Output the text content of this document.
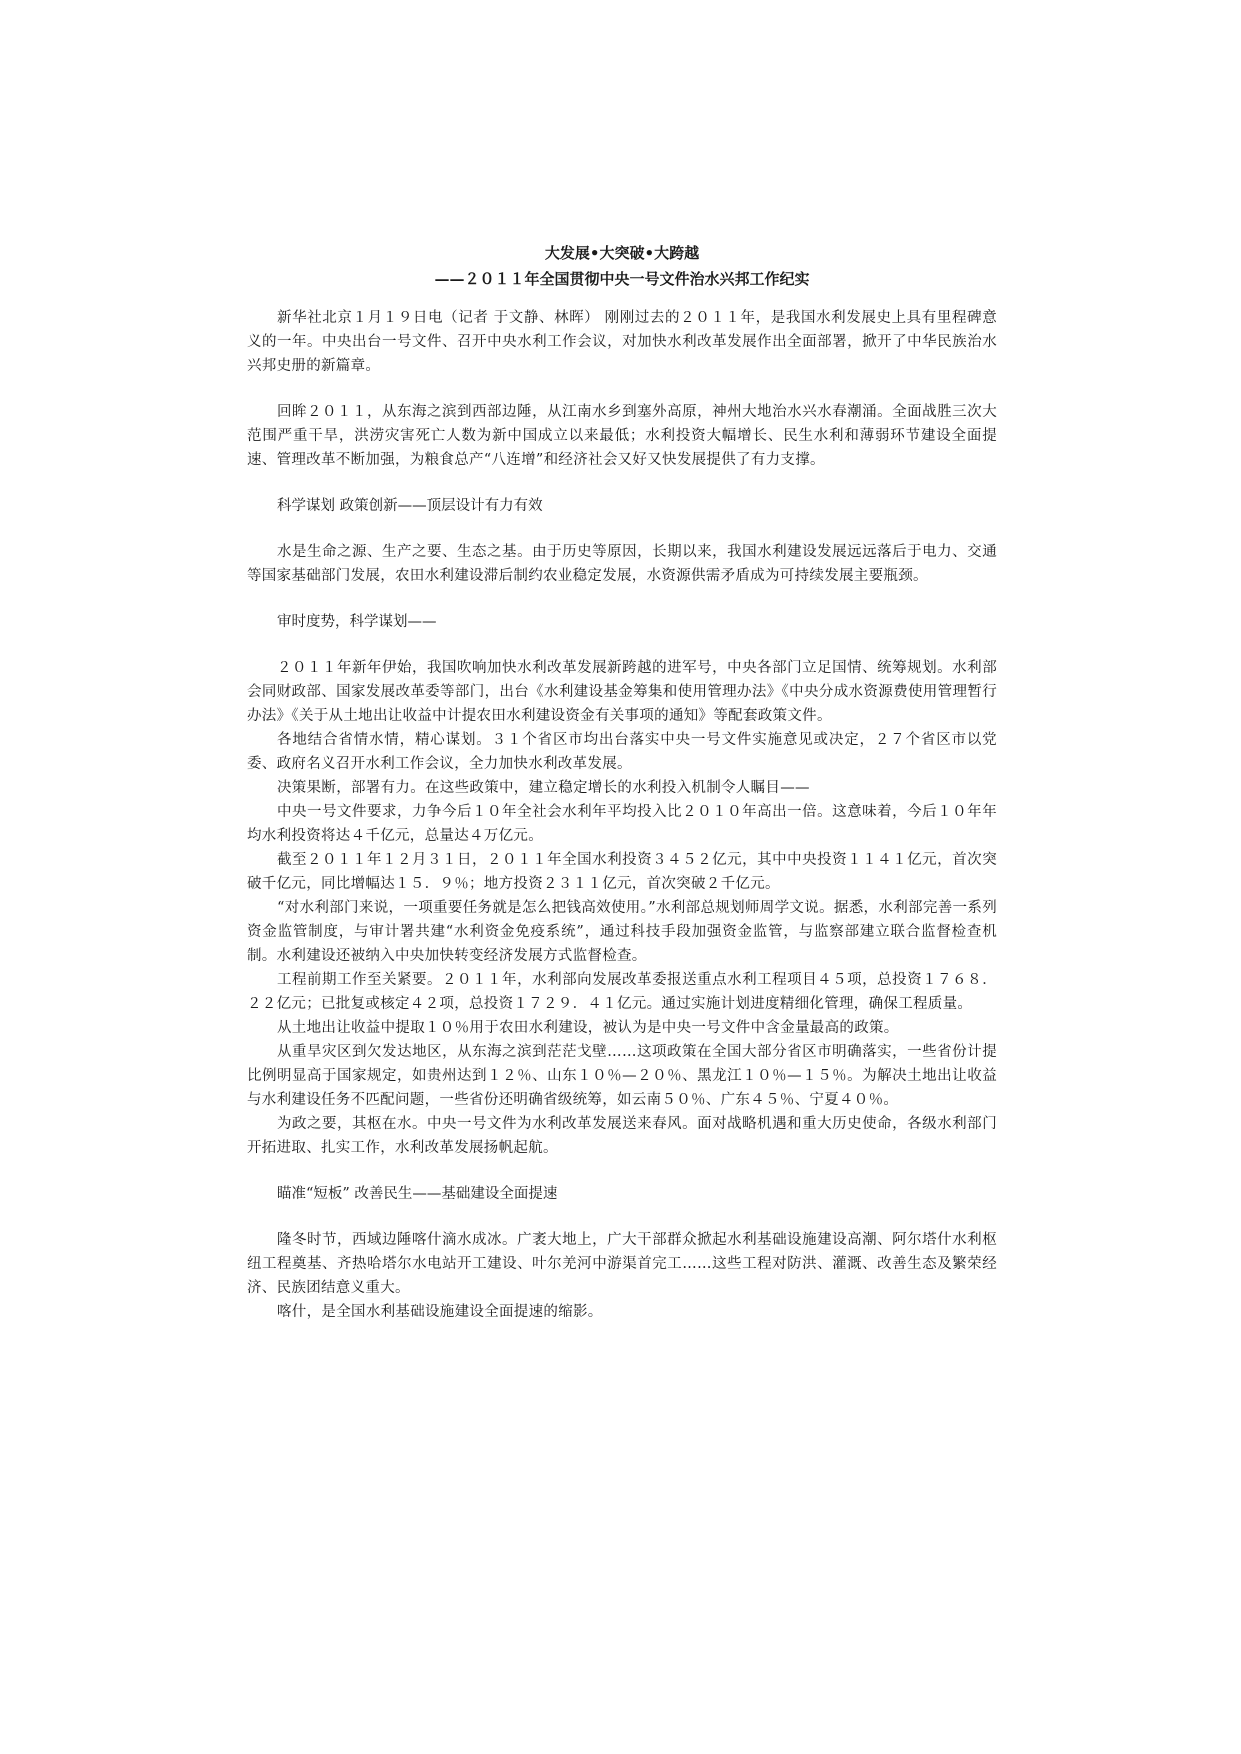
大发展•大突破•大跨越

——２０１１年全国贯彻中央一号文件治水兴邦工作纪实

新华社北京１月１９日电（记者 于文静、林晖） 刚刚过去的２０１１年，是我国水利发展史上具有里程碑意义的一年。中央出台一号文件、召开中央水利工作会议，对加快水利改革发展作出全面部署，掀开了中华民族治水兴邦史册的新篇章。

回眸２０１１，从东海之滨到西部边陲，从江南水乡到塞外高原，神州大地治水兴水春潮涌。全面战胜三次大范围严重干旱，洪涝灾害死亡人数为新中国成立以来最低；水利投资大幅增长、民生水利和薄弱环节建设全面提速、管理改革不断加强，为粮食总产“八连增”和经济社会又好又快发展提供了有力支撑。

科学谋划 政策创新——顶层设计有力有效

水是生命之源、生产之要、生态之基。由于历史等原因，长期以来，我国水利建设发展远远落后于电力、交通等国家基础部门发展，农田水利建设滞后制约农业稳定发展，水资源供需矛盾成为可持续发展主要瓶颈。

审时度势，科学谋划——

２０１１年新年伊始，我国吹响加快水利改革发展新跨越的进军号，中央各部门立足国情、统筹规划。水利部会同财政部、国家发展改革委等部门，出台《水利建设基金筹集和使用管理办法》《中央分成水资源费使用管理暂行办法》《关于从土地出让收益中计提农田水利建设资金有关事项的通知》等配套政策文件。

各地结合省情水情，精心谋划。３１个省区市均出台落实中央一号文件实施意见或决定，２７个省区市以党委、政府名义召开水利工作会议，全力加快水利改革发展。

决策果断，部署有力。在这些政策中，建立稳定增长的水利投入机制令人瞩目——

中央一号文件要求，力争今后１０年全社会水利年平均投入比２０１０年高出一倍。这意味着，今后１０年年均水利投资将达４千亿元，总量达４万亿元。

截至２０１１年１２月３１日，２０１１年全国水利投资３４５２亿元，其中中央投资１１４１亿元，首次突破千亿元，同比增幅达１５．９％；地方投资２３１１亿元，首次突破２千亿元。

“对水利部门来说，一项重要任务就是怎么把钱高效使用。”水利部总规划师周学文说。据悉，水利部完善一系列资金监管制度，与审计署共建“水利资金免疫系统”，通过科技手段加强资金监管，与监察部建立联合监督检查机制。水利建设还被纳入中央加快转变经济发展方式监督检查。

工程前期工作至关紧要。２０１１年，水利部向发展改革委报送重点水利工程项目４５项，总投资１７６８．２２亿元；已批复或核定４２项，总投资１７２９．４１亿元。通过实施计划进度精细化管理，确保工程质量。

从土地出让收益中提取１０％用于农田水利建设，被认为是中央一号文件中含金量最高的政策。

从重旱灾区到欠发达地区，从东海之滨到茫茫戈壁……这项政策在全国大部分省区市明确落实，一些省份计提比例明显高于国家规定，如贵州达到１２％、山东１０％—２０％、黑龙江１０％—１５％。为解决土地出让收益与水利建设任务不匹配问题，一些省份还明确省级统筹，如云南５０％、广东４５％、宁夏４０％。

为政之要，其枢在水。中央一号文件为水利改革发展送来春风。面对战略机遇和重大历史使命，各级水利部门开拓进取、扎实工作，水利改革发展扬帆起航。

瞄准“短板” 改善民生——基础建设全面提速

隆冬时节，西域边陲喀什滴水成冰。广袤大地上，广大干部群众掀起水利基础设施建设高潮、阿尔塔什水利枢纽工程奠基、齐热哈塔尔水电站开工建设、叶尔羌河中游渠首完工……这些工程对防洪、灌溉、改善生态及繁荣经济、民族团结意义重大。

喀什，是全国水利基础设施建设全面提速的缩影。
